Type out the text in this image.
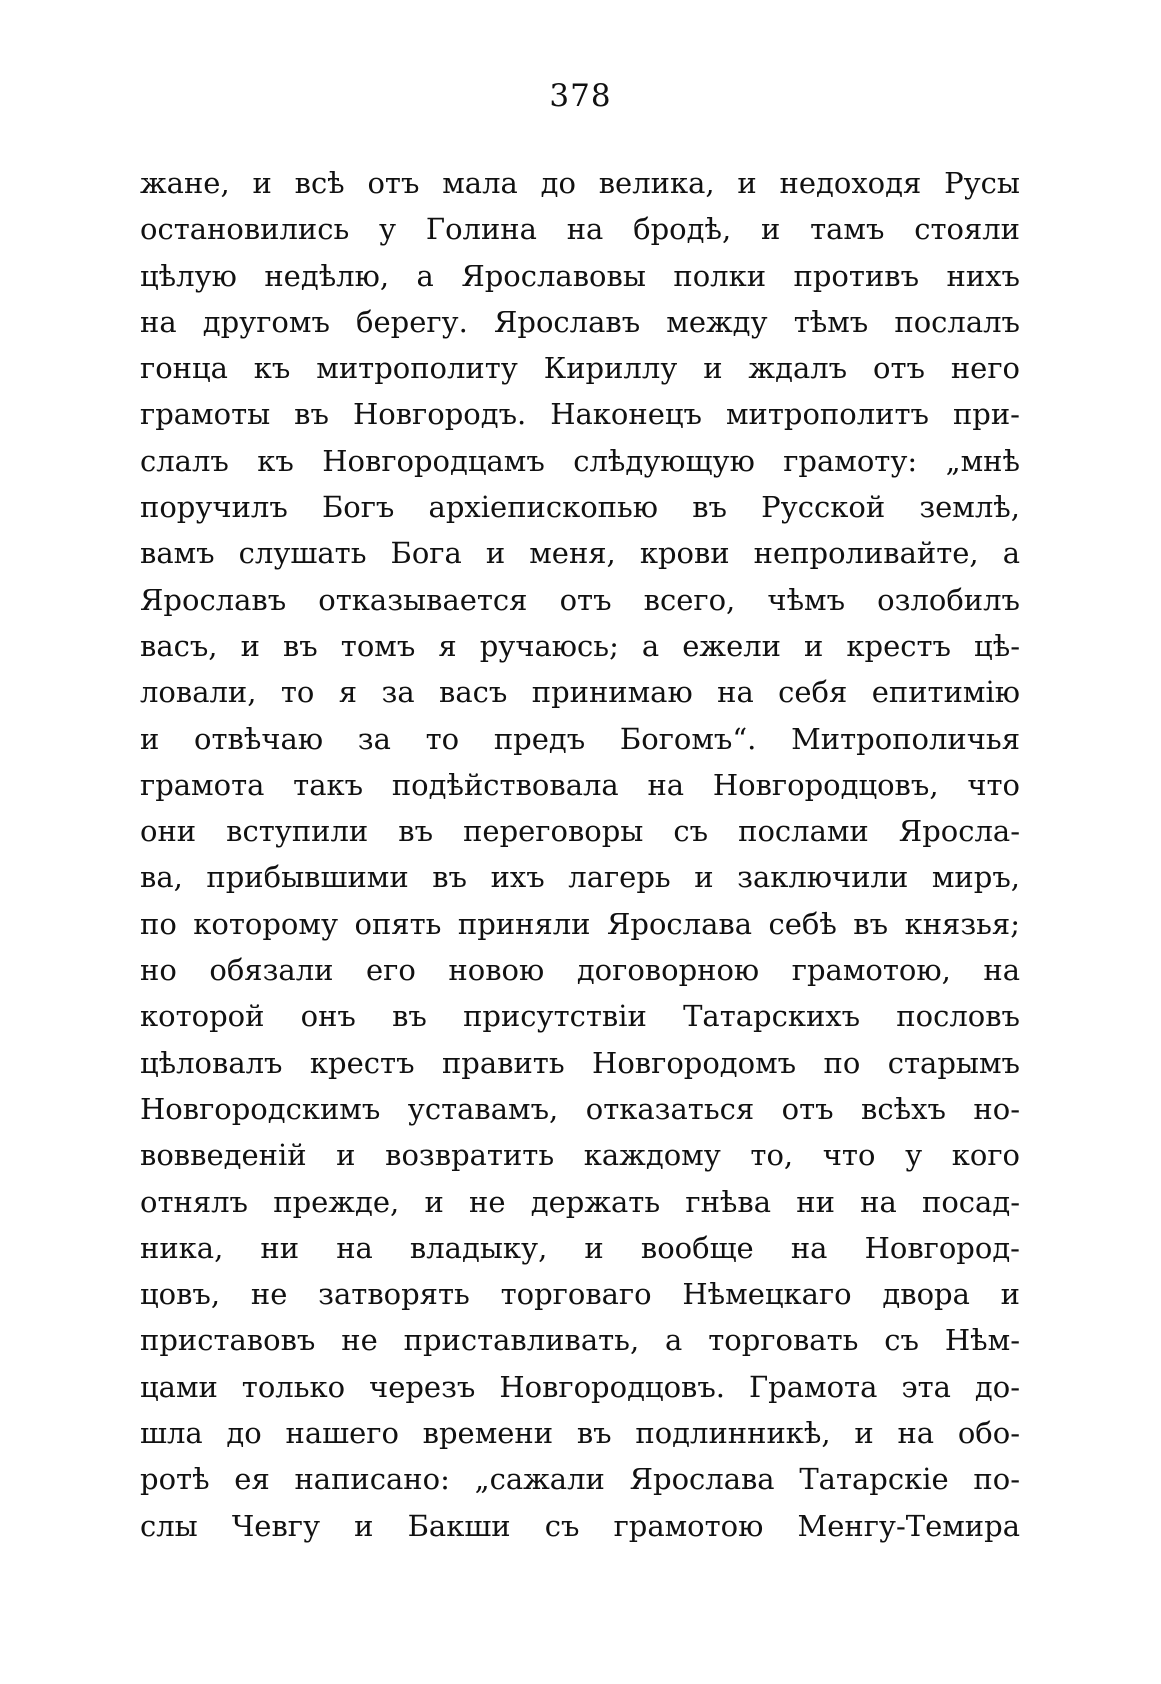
378
жане, и всѣ отъ мала до велика, и недоходя Русы
остановились у Голина на бродѣ, и тамъ стояли
цѣлую недѣлю, а Ярославовы полки противъ нихъ
на другомъ берегу. Ярославъ между тѣмъ послалъ
гонца къ митрополиту Кириллу и ждалъ отъ него
грамоты въ Новгородъ. Наконецъ митрополитъ при-
слалъ къ Новгородцамъ слѣдующую грамоту: „мнѣ
поручилъ Богъ архіепископью въ Русской землѣ,
вамъ слушать Бога и меня, крови непроливайте, а
Ярославъ отказывается отъ всего, чѣмъ озлобилъ
васъ, и въ томъ я ручаюсь; а ежели и крестъ цѣ-
ловали, то я за васъ принимаю на себя епитимію
и отвѣчаю за то предъ Богомъ“. Митрополичья
грамота такъ подѣйствовала на Новгородцовъ, что
они вступили въ переговоры съ послами Яросла-
ва, прибывшими въ ихъ лагерь и заключили миръ,
по которому опять приняли Ярослава себѣ въ князья;
но обязали его новою договорною грамотою, на
которой онъ въ присутствіи Татарскихъ пословъ
цѣловалъ крестъ править Новгородомъ по старымъ
Новгородскимъ уставамъ, отказаться отъ всѣхъ но-
вовведеній и возвратить каждому то, что у кого
отнялъ прежде, и не держать гнѣва ни на посад-
ника, ни на владыку, и вообще на Новгород-
цовъ, не затворять торговаго Нѣмецкаго двора и
приставовъ не приставливать, а торговать съ Нѣм-
цами только черезъ Новгородцовъ. Грамота эта до-
шла до нашего времени въ подлинникѣ, и на обо-
ротѣ ея написано: „сажали Ярослава Татарскіе по-
слы Чевгу и Бакши съ грамотою Менгу-Темира
